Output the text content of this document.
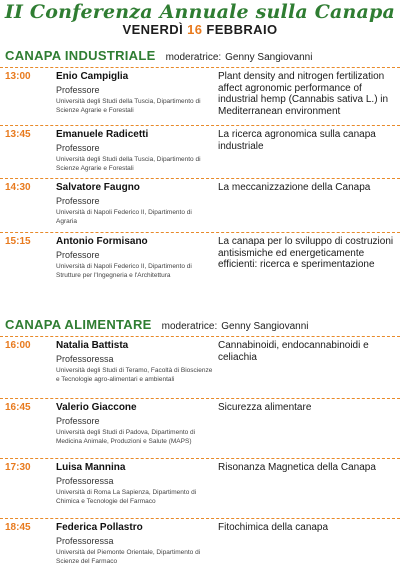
II Conferenza Annuale sulla Canapa
VENERDÌ 16 FEBBRAIO
CANAPA INDUSTRIALE moderatrice: Genny Sangiovanni
13:00	Enio Campiglia
Professore
Università degli Studi della Tuscia, Dipartimento di Scienze Agrarie e Forestali
Plant density and nitrogen fertilization affect agronomic performance of industrial hemp (Cannabis sativa L.) in Mediterranean environment
13:45	Emanuele Radicetti
Professore
Università degli Studi della Tuscia, Dipartimento di Scienze Agrarie e Forestali
La ricerca agronomica sulla canapa industriale
14:30	Salvatore Faugno
Professore
Università di Napoli Federico II, Dipartimento di Agraria
La meccanizzazione della Canapa
15:15	Antonio Formisano
Professore
Università di Napoli Federico II, Dipartimento di Strutture per l'Ingegneria e l'Architettura
La canapa per lo sviluppo di costruzioni antisismiche ed energeticamente efficienti: ricerca e sperimentazione
CANAPA ALIMENTARE moderatrice: Genny Sangiovanni
16:00	Natalia Battista
Professoressa
Università degli Studi di Teramo, Facoltà di Bioscienze e Tecnologie agro-alimentari e ambientali
Cannabinoidi, endocannabinoidi e celiachia
16:45	Valerio Giaccone
Professore
Università degli Studi di Padova, Dipartimento di Medicina Animale, Produzioni e Salute (MAPS)
Sicurezza alimentare
17:30	Luisa Mannina
Professoressa
Università di Roma La Sapienza, Dipartimento di Chimica e Tecnologie del Farmaco
Risonanza Magnetica della Canapa
18:45	Federica Pollastro
Professoressa
Università del Piemonte Orientale, Dipartimento di Scienze del Farmaco
Fitochimica della canapa
